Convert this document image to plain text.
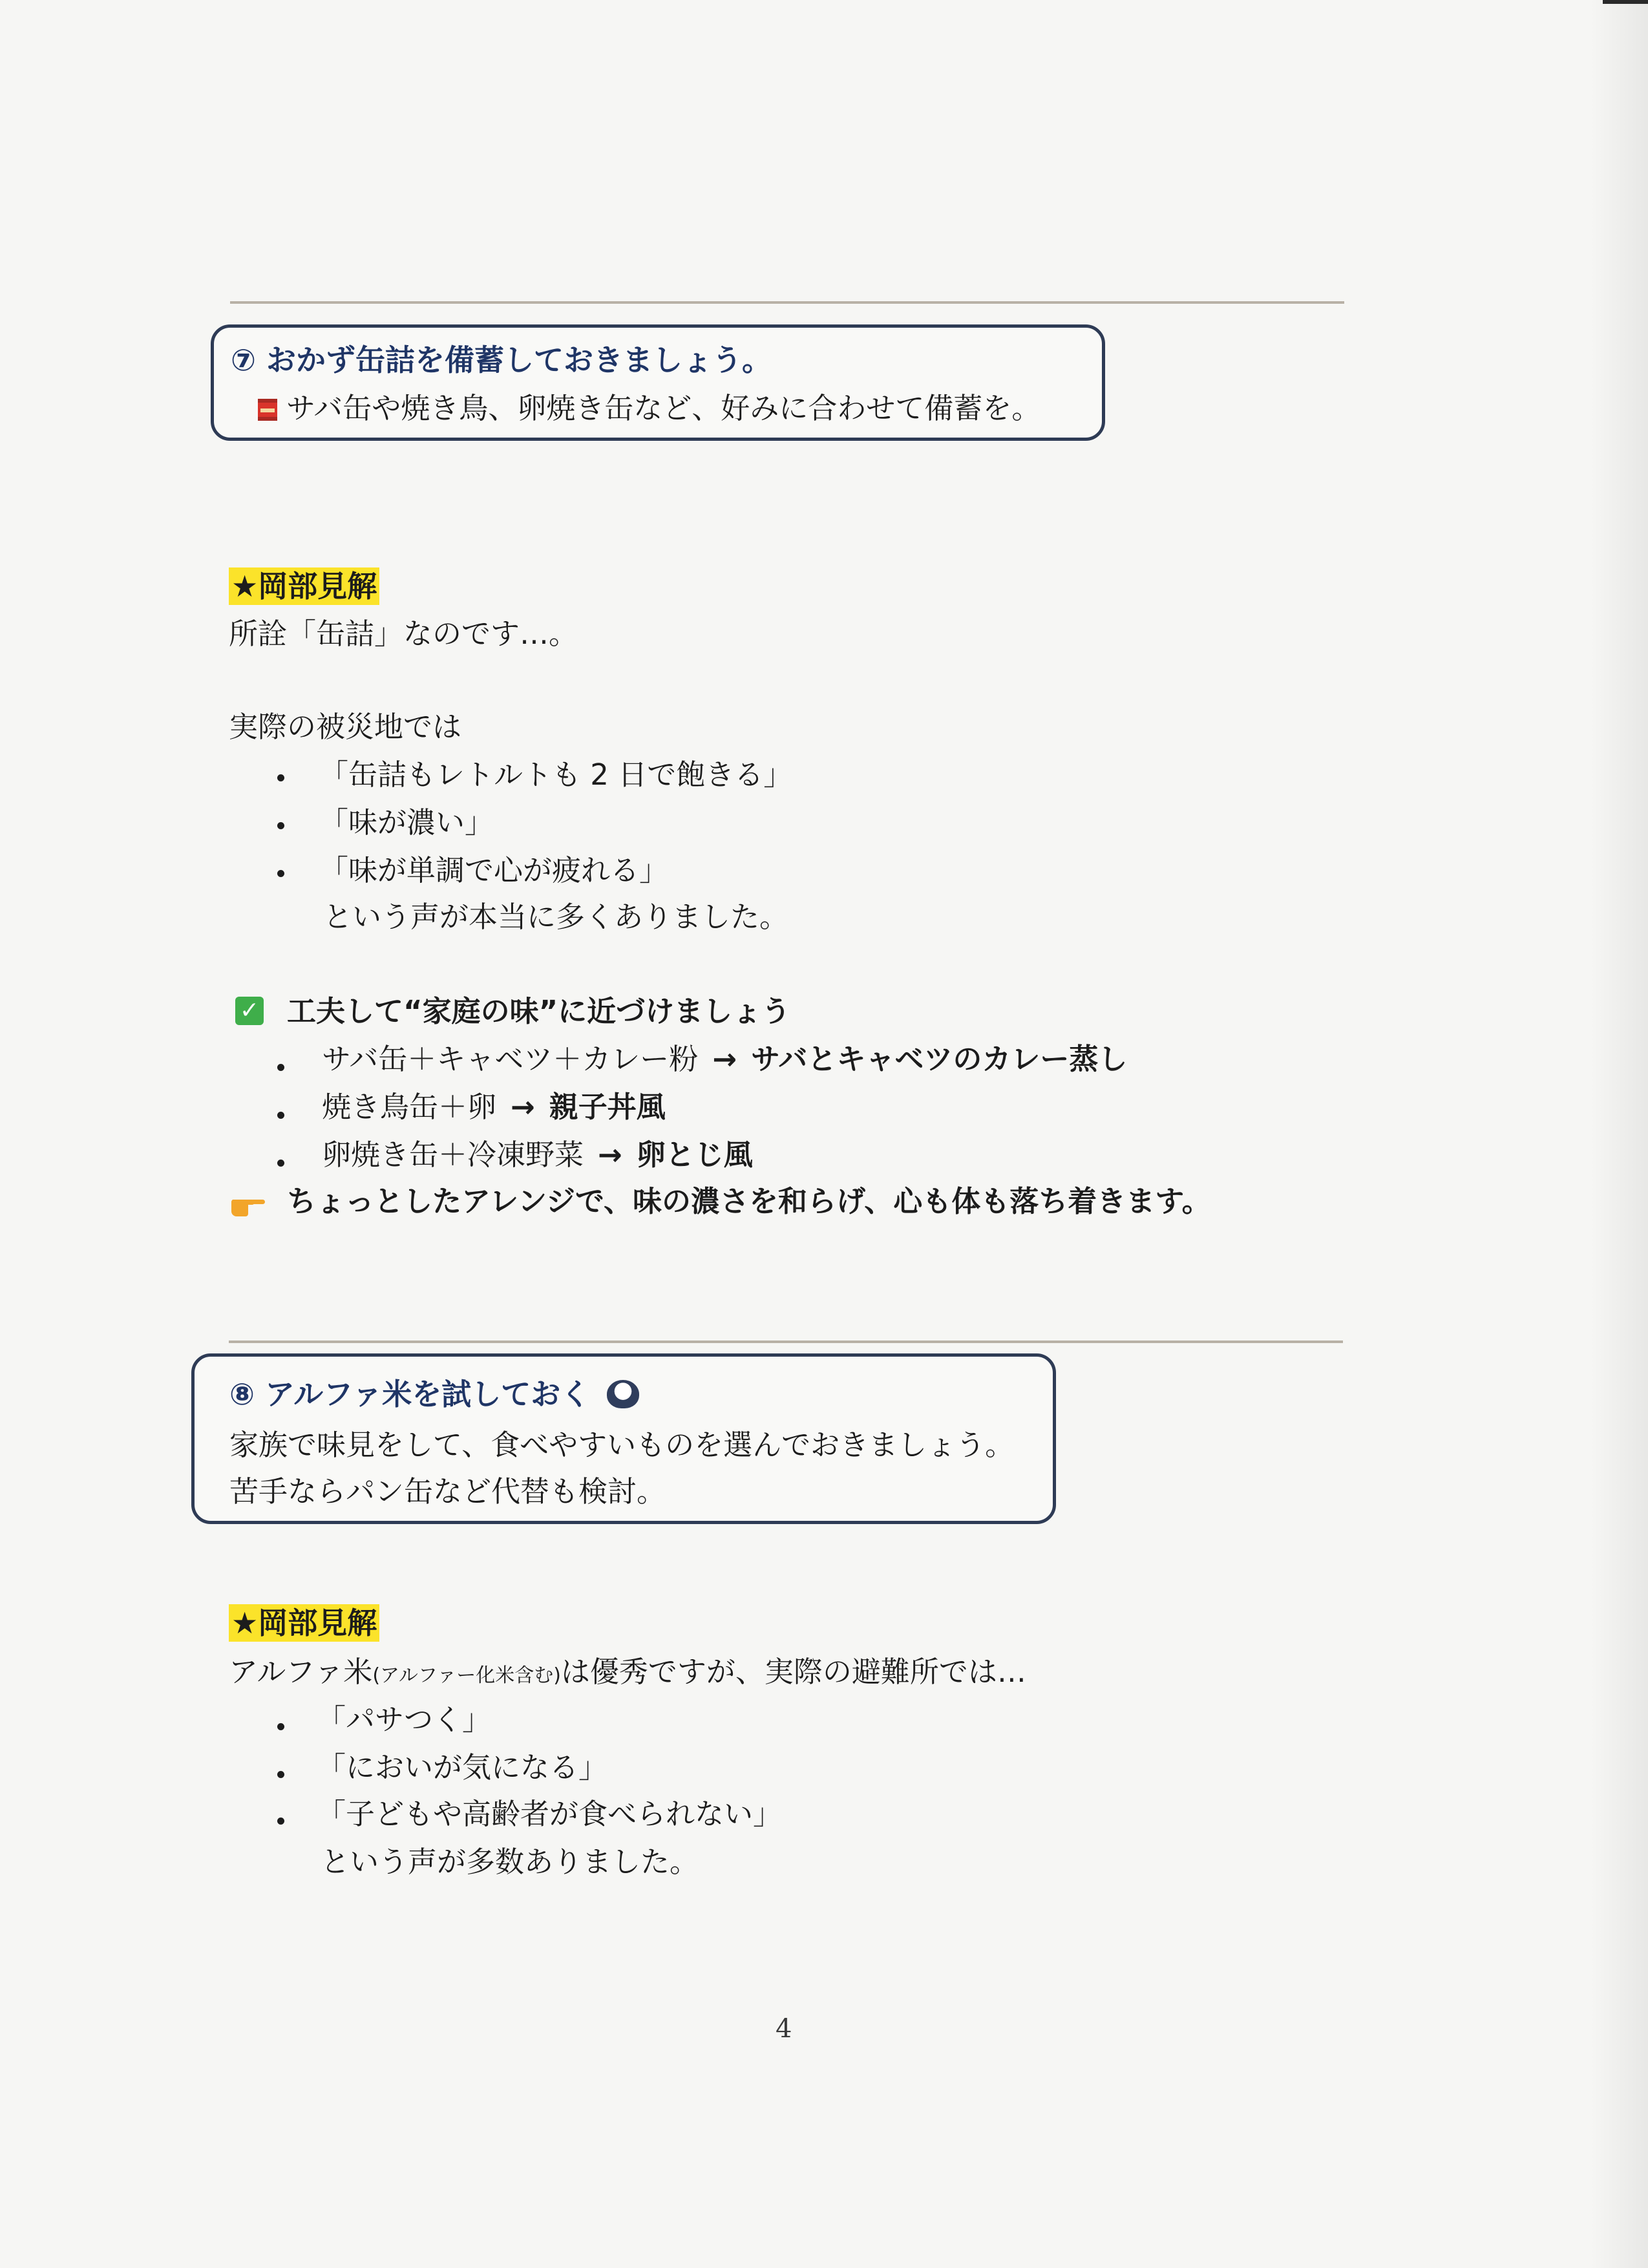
⑦ おかず缶詰を備蓄しておきましょう。
サバ缶や焼き鳥、卵焼き缶など、好みに合わせて備蓄を。
★岡部見解
所詮「缶詰」なのです…。
実際の被災地では
「缶詰もレトルトも 2 日で飽きる」
「味が濃い」
「味が単調で心が疲れる」
という声が本当に多くありました。
✓ 工夫して“家庭の味”に近づけましょう
サバ缶＋キャベツ＋カレー粉 → サバとキャベツのカレー蒸し
焼き鳥缶＋卵 → 親子丼風
卵焼き缶＋冷凍野菜 → 卵とじ風
ちょっとしたアレンジで、味の濃さを和らげ、心も体も落ち着きます。
⑧ アルファ米を試しておく
家族で味見をして、食べやすいものを選んでおきましょう。
苦手ならパン缶など代替も検討。
★岡部見解
アルファ米(アルファー化米含む)は優秀ですが、実際の避難所では…
「パサつく」
「においが気になる」
「子どもや高齢者が食べられない」
という声が多数ありました。
4
